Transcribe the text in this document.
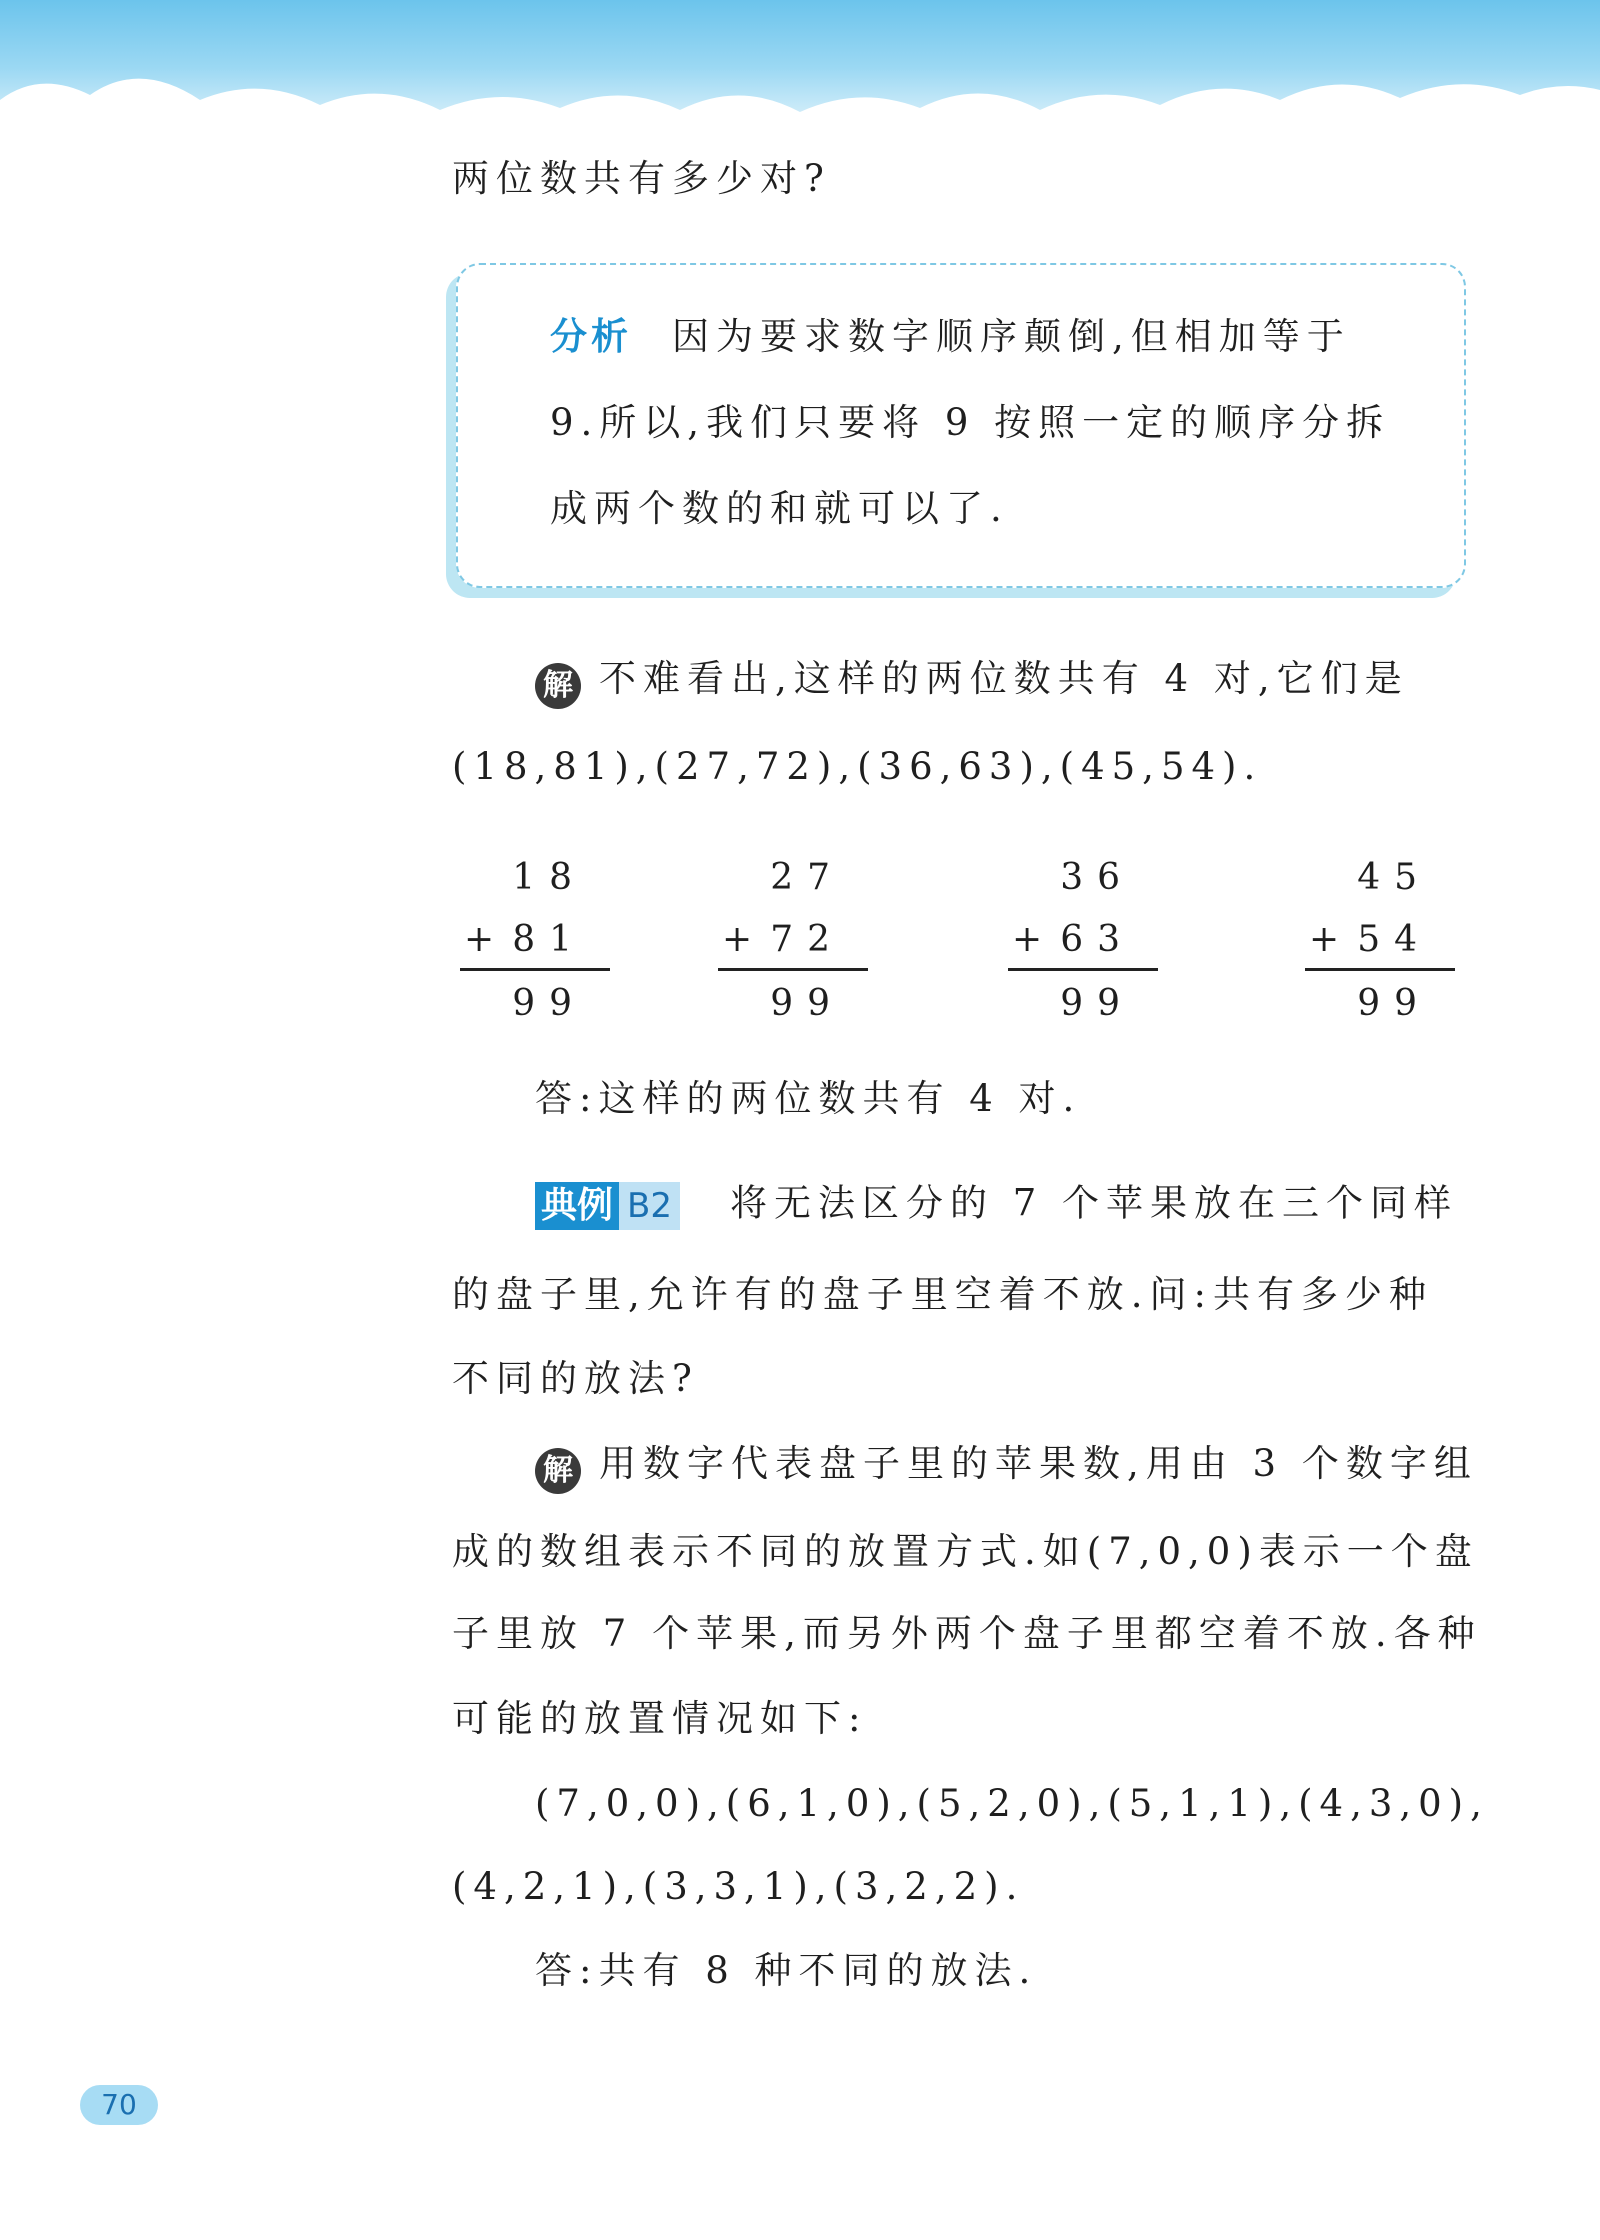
两位数共有多少对?
分析 因为要求数字顺序颠倒,但相加等于
9.所以,我们只要将 9 按照一定的顺序分拆
成两个数的和就可以了.
解 不难看出,这样的两位数共有 4 对,它们是
(18,81),(27,72),(36,63),(45,54).
18
+ 81
99
27
+ 72
99
36
+ 63
99
45
+ 54
99
答:这样的两位数共有 4 对.
典例 B2 将无法区分的 7 个苹果放在三个同样
的盘子里,允许有的盘子里空着不放.问:共有多少种
不同的放法?
解 用数字代表盘子里的苹果数,用由 3 个数字组
成的数组表示不同的放置方式.如(7,0,0)表示一个盘
子里放 7 个苹果,而另外两个盘子里都空着不放.各种
可能的放置情况如下:
(7,0,0),(6,1,0),(5,2,0),(5,1,1),(4,3,0),
(4,2,1),(3,3,1),(3,2,2).
答:共有 8 种不同的放法.
70
